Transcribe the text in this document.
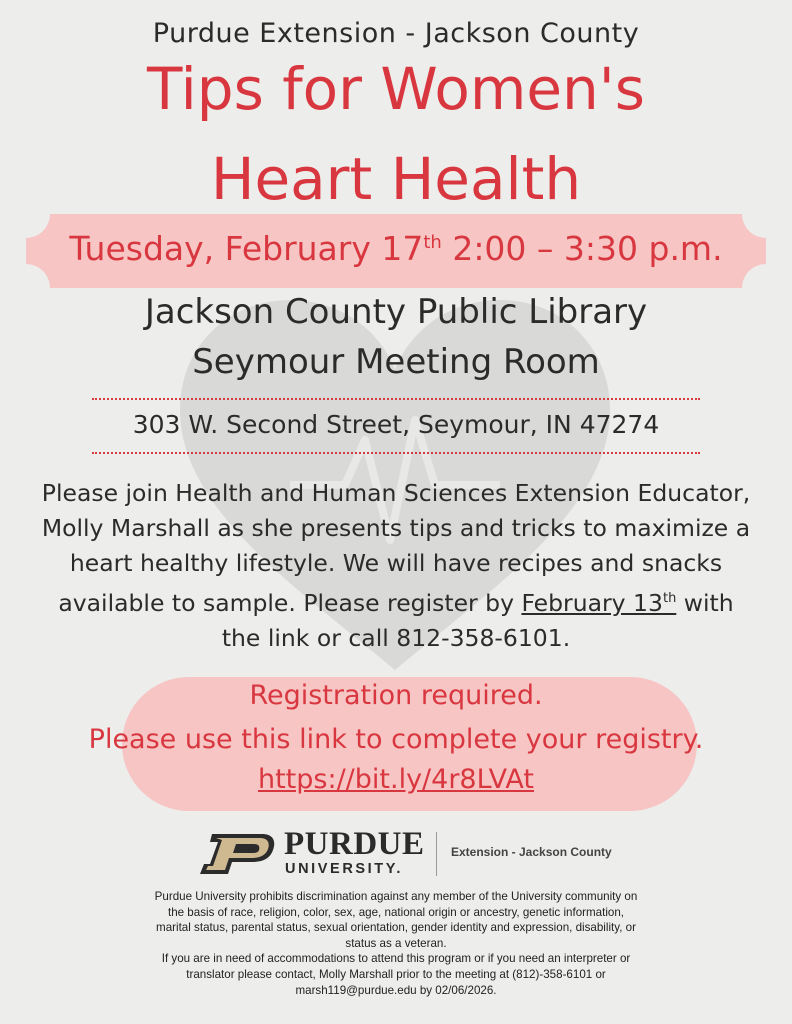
Purdue Extension - Jackson County
Tips for Women's
Heart Health
Tuesday, February 17th 2:00 – 3:30 p.m.
Jackson County Public Library
Seymour Meeting Room
303 W. Second Street, Seymour, IN 47274
Please join Health and Human Sciences Extension Educator, Molly Marshall as she presents tips and tricks to maximize a heart healthy lifestyle. We will have recipes and snacks available to sample. Please register by February 13th with the link or call 812-358-6101.
Registration required.
Please use this link to complete your registry.
https://bit.ly/4r8LVAt
PURDUE
UNIVERSITY.
Extension - Jackson County

Purdue University prohibits discrimination against any member of the University community on the basis of race, religion, color, sex, age, national origin or ancestry, genetic information, marital status, parental status, sexual orientation, gender identity and expression, disability, or status as a veteran.

If you are in need of accommodations to attend this program or if you need an interpreter or translator please contact, Molly Marshall prior to the meeting at (812)-358-6101 or marsh119@purdue.edu by 02/06/2026.
